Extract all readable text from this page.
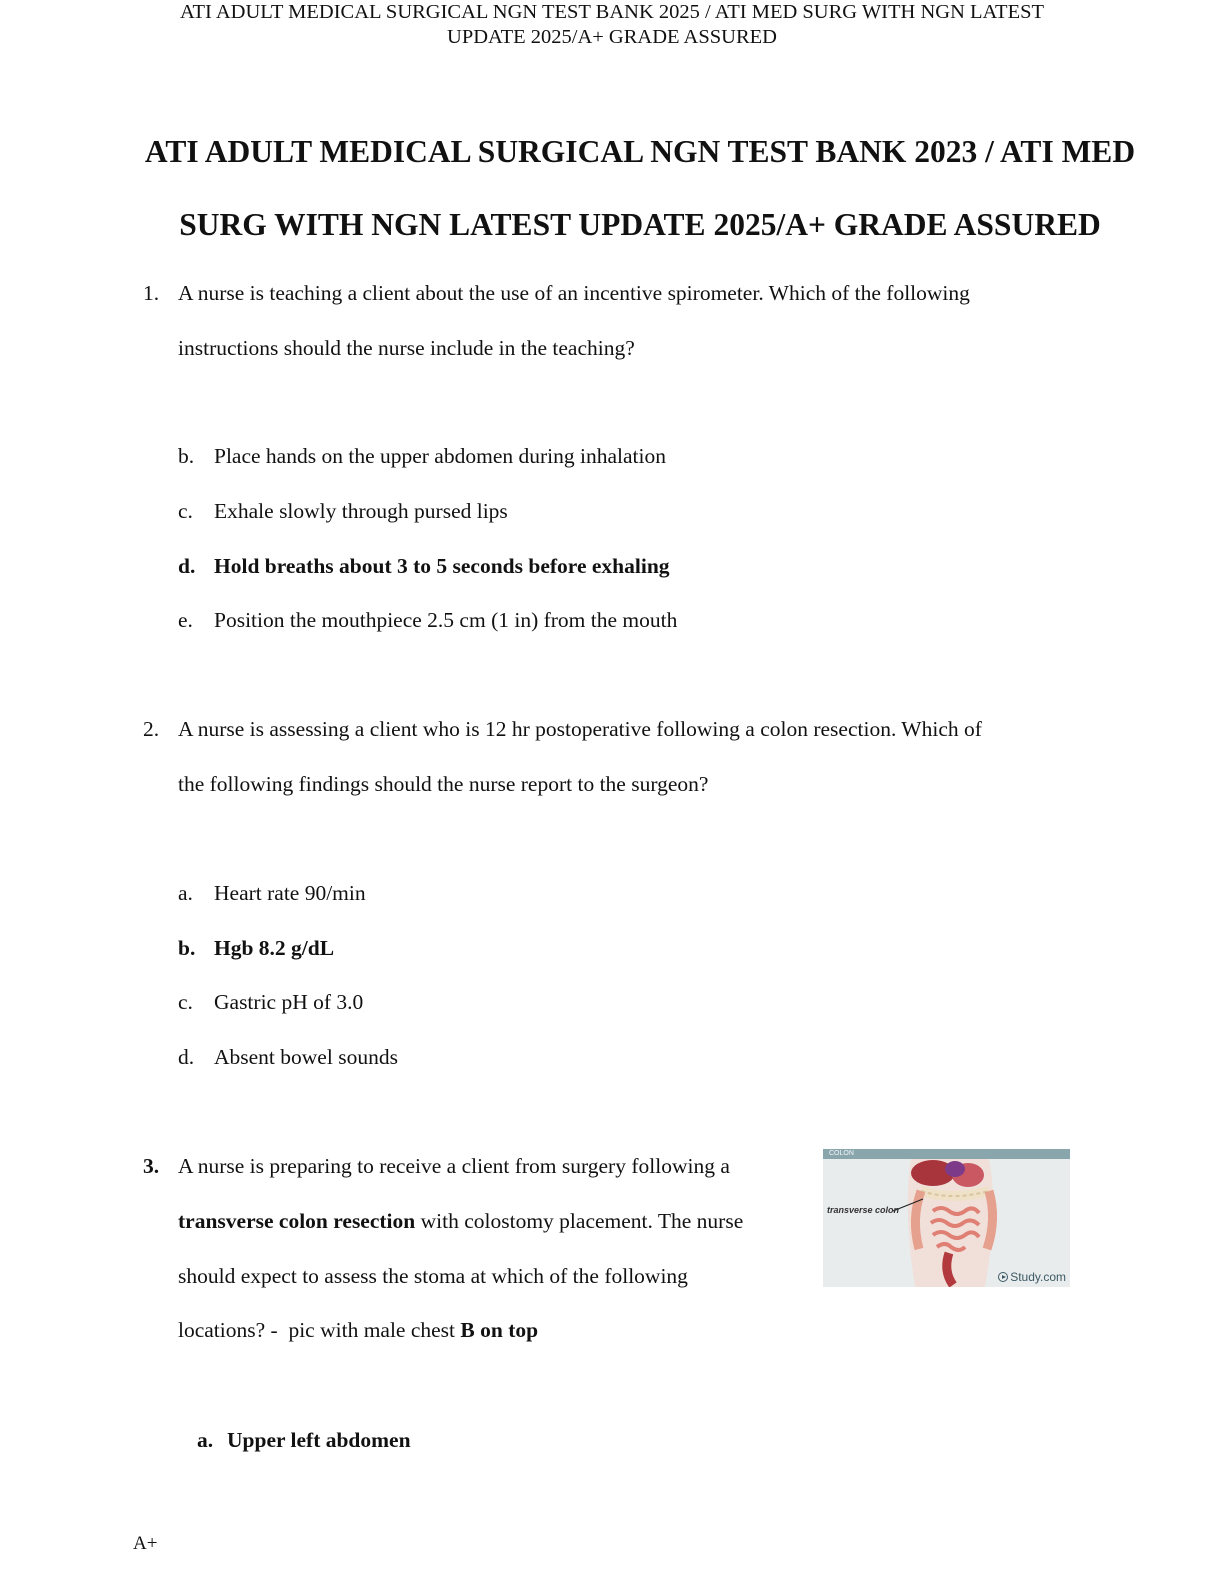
ATI ADULT MEDICAL SURGICAL NGN TEST BANK 2025 / ATI MED SURG WITH NGN LATEST
UPDATE 2025/A+ GRADE ASSURED
ATI ADULT MEDICAL SURGICAL NGN TEST BANK 2023 / ATI MED
SURG WITH NGN LATEST UPDATE 2025/A+ GRADE ASSURED
1. A nurse is teaching a client about the use of an incentive spirometer. Which of the following
instructions should the nurse include in the teaching?
b. Place hands on the upper abdomen during inhalation
c. Exhale slowly through pursed lips
d. Hold breaths about 3 to 5 seconds before exhaling
e. Position the mouthpiece 2.5 cm (1 in) from the mouth
2. A nurse is assessing a client who is 12 hr postoperative following a colon resection. Which of
the following findings should the nurse report to the surgeon?
a. Heart rate 90/min
b. Hgb 8.2 g/dL
c. Gastric pH of 3.0
d. Absent bowel sounds
3. A nurse is preparing to receive a client from surgery following a
transverse colon resection with colostomy placement. The nurse
should expect to assess the stoma at which of the following
locations? -  pic with male chest B on top
a. Upper left abdomen
COLON
transverse colon
Study.com
A+
